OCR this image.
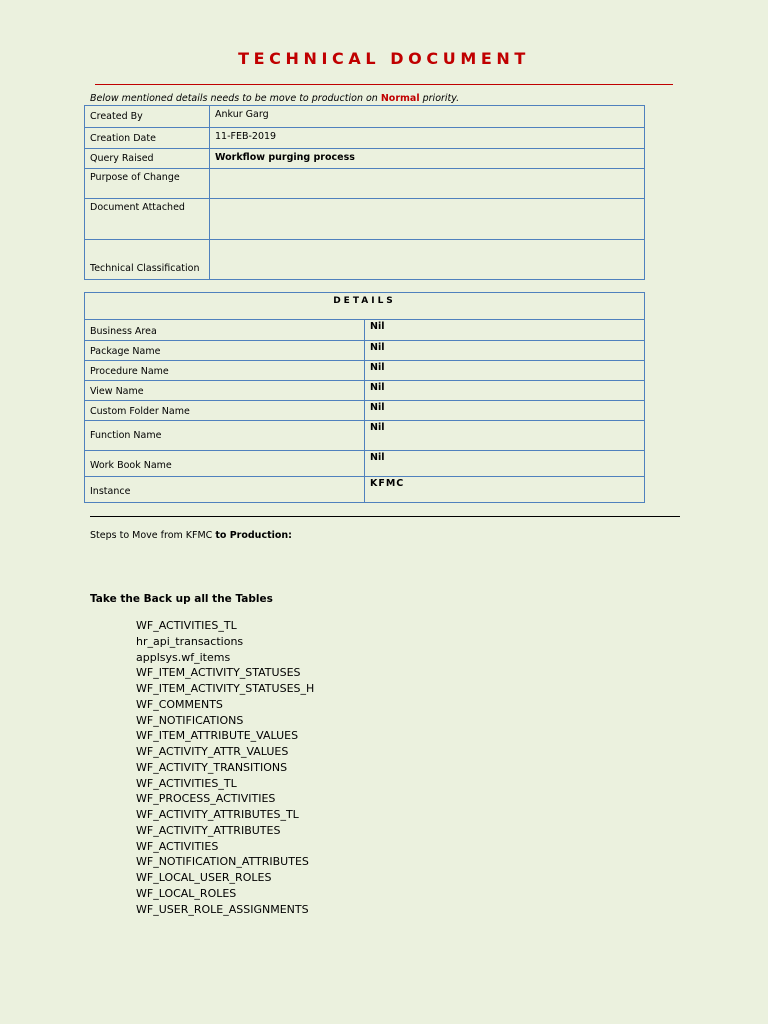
TECHNICAL DOCUMENT
Below mentioned details needs to be move to production on Normal priority.
Created By	Ankur Garg
Creation Date	11-FEB-2019
Query Raised	Workflow purging process
Purpose of Change	
Document Attached	
Technical Classification	
DETAILS	
Business Area	Nil
Package Name	Nil
Procedure Name	Nil
View Name	Nil
Custom Folder Name	Nil
Function Name	Nil
Work Book Name	Nil
Instance	KFMC
Steps to Move from KFMC to Production:
Take the Back up all the Tables
WF_ACTIVITIES_TL
hr_api_transactions
applsys.wf_items
WF_ITEM_ACTIVITY_STATUSES
WF_ITEM_ACTIVITY_STATUSES_H
WF_COMMENTS
WF_NOTIFICATIONS
WF_ITEM_ATTRIBUTE_VALUES
WF_ACTIVITY_ATTR_VALUES
WF_ACTIVITY_TRANSITIONS
WF_ACTIVITIES_TL
WF_PROCESS_ACTIVITIES
WF_ACTIVITY_ATTRIBUTES_TL
WF_ACTIVITY_ATTRIBUTES
WF_ACTIVITIES
WF_NOTIFICATION_ATTRIBUTES
WF_LOCAL_USER_ROLES
WF_LOCAL_ROLES
WF_USER_ROLE_ASSIGNMENTS
